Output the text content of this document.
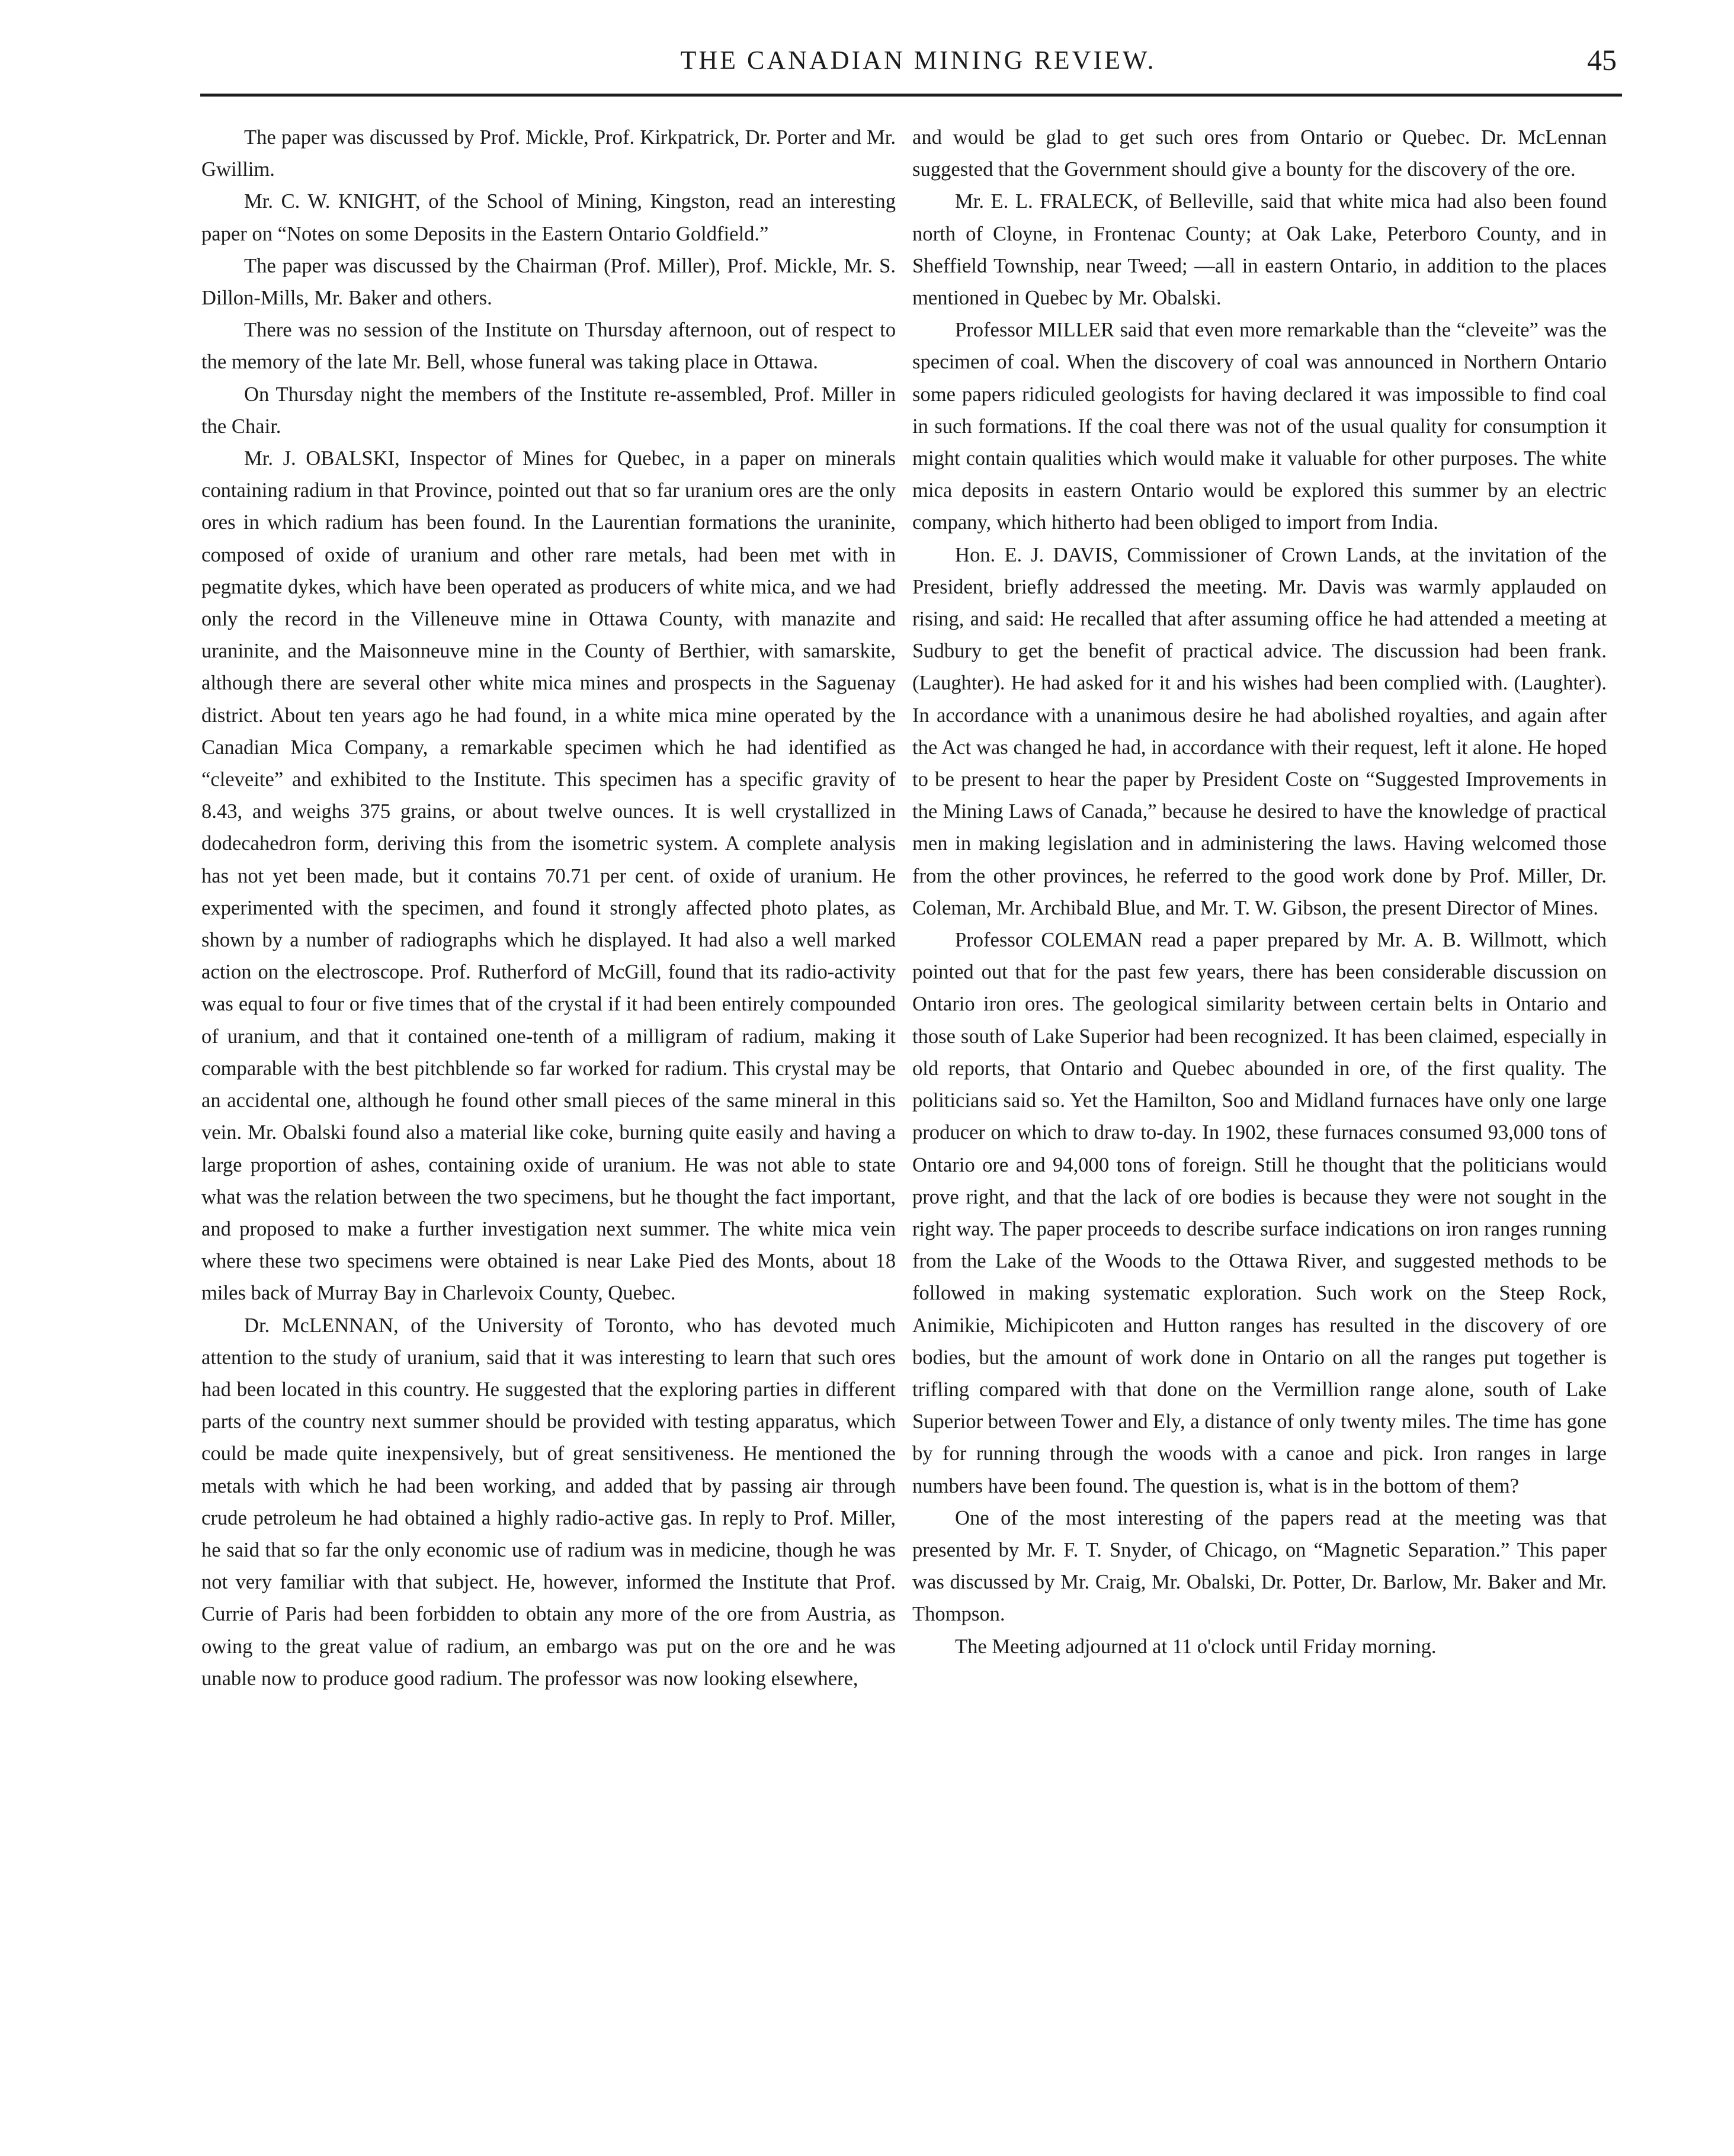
THE CANADIAN MINING REVIEW.	45

The paper was discussed by Prof. Mickle, Prof. Kirkpatrick, Dr. Porter and Mr. Gwillim.

Mr. C. W. KNIGHT, of the School of Mining, Kingston, read an interesting paper on “Notes on some Deposits in the Eastern Ontario Goldfield.”

The paper was discussed by the Chairman (Prof. Miller), Prof. Mickle, Mr. S. Dillon-Mills, Mr. Baker and others.

There was no session of the Institute on Thursday afternoon, out of respect to the memory of the late Mr. Bell, whose funeral was taking place in Ottawa.

On Thursday night the members of the Institute re-assembled, Prof. Miller in the Chair.

Mr. J. OBALSKI, Inspector of Mines for Quebec, in a paper on minerals containing radium in that Province, pointed out that so far uranium ores are the only ores in which radium has been found. In the Laurentian formations the uraninite, composed of oxide of uranium and other rare metals, had been met with in pegmatite dykes, which have been operated as producers of white mica, and we had only the record in the Villeneuve mine in Ottawa County, with manazite and uraninite, and the Maisonneuve mine in the County of Berthier, with samarskite, although there are several other white mica mines and prospects in the Saguenay district. About ten years ago he had found, in a white mica mine operated by the Canadian Mica Company, a remarkable specimen which he had identified as “cleveite” and exhibited to the Institute. This specimen has a specific gravity of 8.43, and weighs 375 grains, or about twelve ounces. It is well crystallized in dodecahedron form, deriving this from the isometric system. A complete analysis has not yet been made, but it contains 70.71 per cent. of oxide of uranium. He experimented with the specimen, and found it strongly affected photo plates, as shown by a number of radiographs which he displayed. It had also a well marked action on the electroscope. Prof. Rutherford of McGill, found that its radio-activity was equal to four or five times that of the crystal if it had been entirely compounded of uranium, and that it contained one-tenth of a milligram of radium, making it comparable with the best pitchblende so far worked for radium. This crystal may be an accidental one, although he found other small pieces of the same mineral in this vein. Mr. Obalski found also a material like coke, burning quite easily and having a large proportion of ashes, containing oxide of uranium. He was not able to state what was the relation between the two specimens, but he thought the fact important, and proposed to make a further investigation next summer. The white mica vein where these two specimens were obtained is near Lake Pied des Monts, about 18 miles back of Murray Bay in Charlevoix County, Quebec.

Dr. McLENNAN, of the University of Toronto, who has devoted much attention to the study of uranium, said that it was interesting to learn that such ores had been located in this country. He suggested that the exploring parties in different parts of the country next summer should be provided with testing apparatus, which could be made quite inexpensively, but of great sensitiveness. He mentioned the metals with which he had been working, and added that by passing air through crude petroleum he had obtained a highly radio-active gas. In reply to Prof. Miller, he said that so far the only economic use of radium was in medicine, though he was not very familiar with that subject. He, however, informed the Institute that Prof. Currie of Paris had been forbidden to obtain any more of the ore from Austria, as owing to the great value of radium, an embargo was put on the ore and he was unable now to produce good radium. The professor was now looking elsewhere,

and would be glad to get such ores from Ontario or Quebec. Dr. McLennan suggested that the Government should give a bounty for the discovery of the ore.

Mr. E. L. FRALECK, of Belleville, said that white mica had also been found north of Cloyne, in Frontenac County; at Oak Lake, Peterboro County, and in Sheffield Township, near Tweed; —all in eastern Ontario, in addition to the places mentioned in Quebec by Mr. Obalski.

Professor MILLER said that even more remarkable than the “cleveite” was the specimen of coal. When the discovery of coal was announced in Northern Ontario some papers ridiculed geologists for having declared it was impossible to find coal in such formations. If the coal there was not of the usual quality for consumption it might contain qualities which would make it valuable for other purposes. The white mica deposits in eastern Ontario would be explored this summer by an electric company, which hitherto had been obliged to import from India.

Hon. E. J. DAVIS, Commissioner of Crown Lands, at the invitation of the President, briefly addressed the meeting. Mr. Davis was warmly applauded on rising, and said: He recalled that after assuming office he had attended a meeting at Sudbury to get the benefit of practical advice. The discussion had been frank. (Laughter). He had asked for it and his wishes had been complied with. (Laughter). In accordance with a unanimous desire he had abolished royalties, and again after the Act was changed he had, in accordance with their request, left it alone. He hoped to be present to hear the paper by President Coste on “Suggested Improvements in the Mining Laws of Canada,” because he desired to have the knowledge of practical men in making legislation and in administering the laws. Having welcomed those from the other provinces, he referred to the good work done by Prof. Miller, Dr. Coleman, Mr. Archibald Blue, and Mr. T. W. Gibson, the present Director of Mines.

Professor COLEMAN read a paper prepared by Mr. A. B. Willmott, which pointed out that for the past few years, there has been considerable discussion on Ontario iron ores. The geological similarity between certain belts in Ontario and those south of Lake Superior had been recognized. It has been claimed, especially in old reports, that Ontario and Quebec abounded in ore, of the first quality. The politicians said so. Yet the Hamilton, Soo and Midland furnaces have only one large producer on which to draw to-day. In 1902, these furnaces consumed 93,000 tons of Ontario ore and 94,000 tons of foreign. Still he thought that the politicians would prove right, and that the lack of ore bodies is because they were not sought in the right way. The paper proceeds to describe surface indications on iron ranges running from the Lake of the Woods to the Ottawa River, and suggested methods to be followed in making systematic exploration. Such work on the Steep Rock, Animikie, Michipicoten and Hutton ranges has resulted in the discovery of ore bodies, but the amount of work done in Ontario on all the ranges put together is trifling compared with that done on the Vermillion range alone, south of Lake Superior between Tower and Ely, a distance of only twenty miles. The time has gone by for running through the woods with a canoe and pick. Iron ranges in large numbers have been found. The question is, what is in the bottom of them?

One of the most interesting of the papers read at the meeting was that presented by Mr. F. T. Snyder, of Chicago, on “Magnetic Separation.” This paper was discussed by Mr. Craig, Mr. Obalski, Dr. Potter, Dr. Barlow, Mr. Baker and Mr. Thompson.

The Meeting adjourned at 11 o'clock until Friday morning.
